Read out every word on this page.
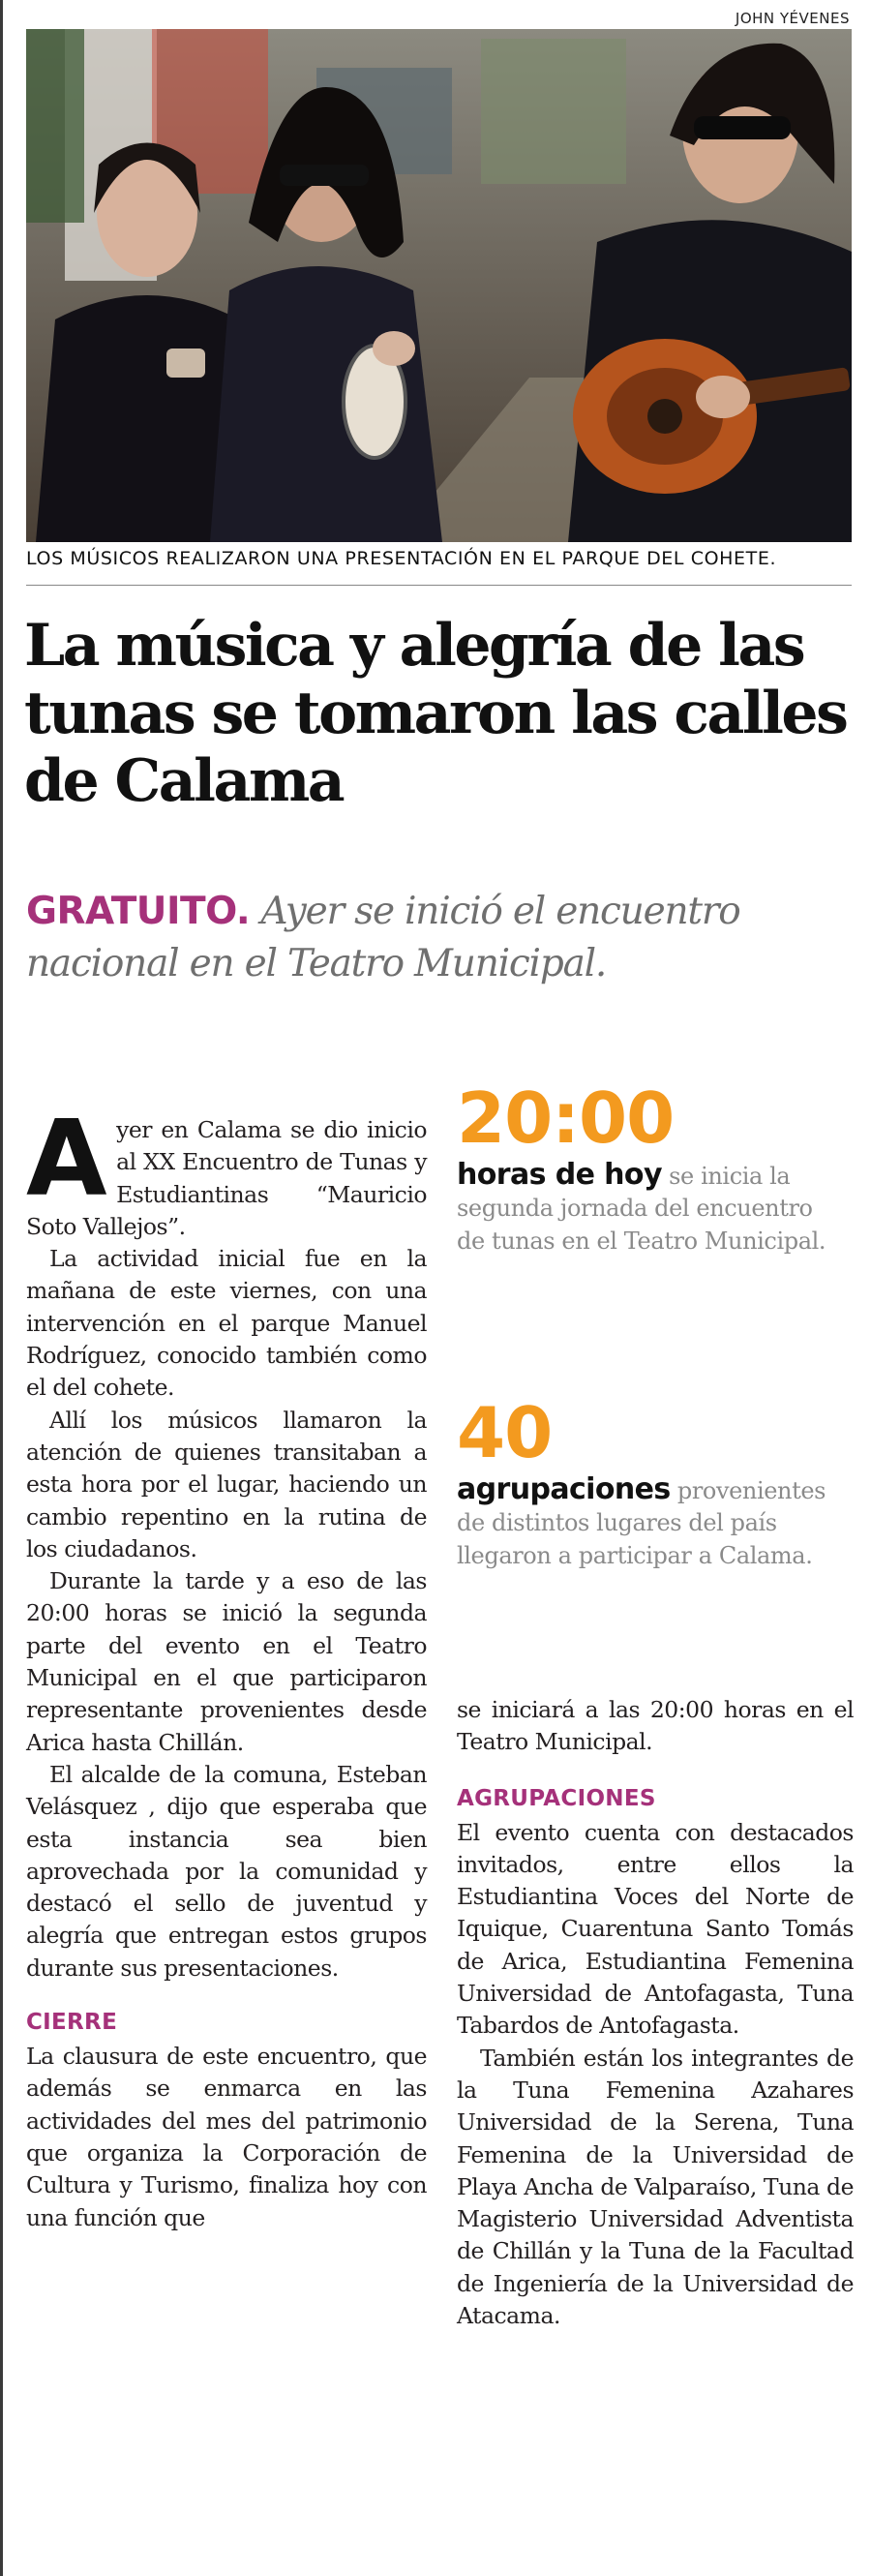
JOHN YÉVENES
LOS MÚSICOS REALIZARON UNA PRESENTACIÓN EN EL PARQUE DEL COHETE.
La música y alegría de las tunas se tomaron las calles de Calama

GRATUITO. Ayer se inició el encuentro nacional en el Teatro Municipal.

Ayer en Calama se dio inicio al XX Encuentro de Tunas y Estudiantinas “Mauricio Soto Vallejos”.

La actividad inicial fue en la mañana de este viernes, con una intervención en el parque Manuel Rodríguez, conocido también como el del cohete.

Allí los músicos llamaron la atención de quienes transitaban a esta hora por el lugar, haciendo un cambio repentino en la rutina de los ciudadanos.

Durante la tarde y a eso de las 20:00 horas se inició la segunda parte del evento en el Teatro Municipal en el que participaron representante provenientes desde Arica hasta Chillán.

El alcalde de la comuna, Esteban Velásquez , dijo que esperaba que esta instancia sea bien aprovechada por la comunidad y destacó el sello de juventud y alegría que entregan estos grupos durante sus presentaciones.

CIERRE

La clausura de este encuentro, que además se enmarca en las actividades del mes del patrimonio que organiza la Corporación de Cultura y Turismo, finaliza hoy con una función que

20:00
horas de hoy se inicia la segunda jornada del encuentro de tunas en el Teatro Municipal.
40
agrupaciones provenientes de distintos lugares del país llegaron a participar a Calama.

se iniciará a las 20:00 horas en el Teatro Municipal.

AGRUPACIONES

El evento cuenta con destacados invitados, entre ellos la Estudiantina Voces del Norte de Iquique, Cuarentuna Santo Tomás de Arica, Estudiantina Femenina Universidad de Antofagasta, Tuna Tabardos de Antofagasta.

También están los integrantes de la Tuna Femenina Azahares Universidad de la Serena, Tuna Femenina de la Universidad de Playa Ancha de Valparaíso, Tuna de Magisterio Universidad Adventista de Chillán y la Tuna de la Facultad de Ingeniería de la Universidad de Atacama.
